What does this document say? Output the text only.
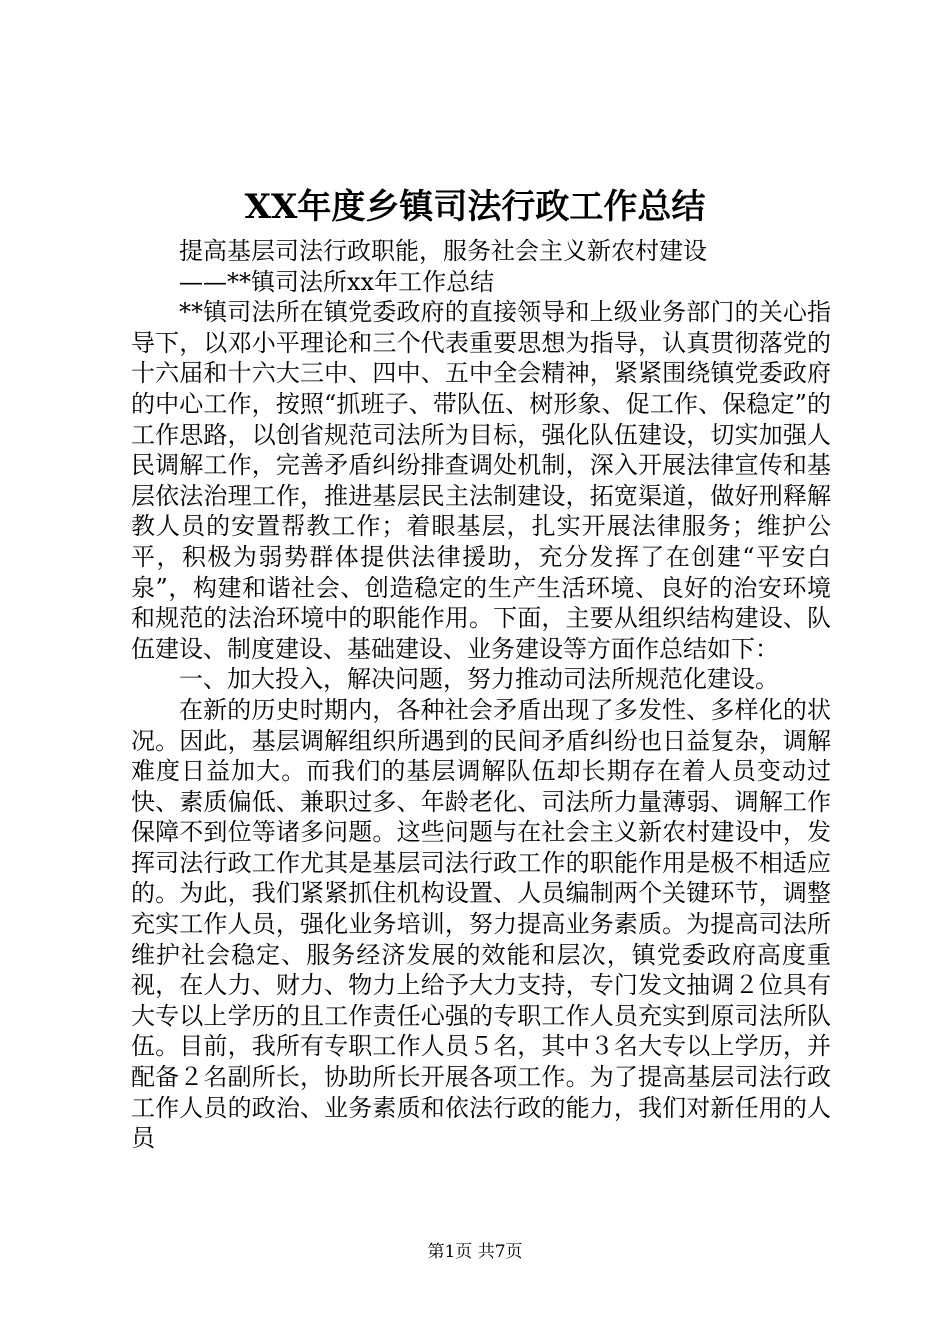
XX年度乡镇司法行政工作总结

提高基层司法行政职能，服务社会主义新农村建设

——**镇司法所xx年工作总结

**镇司法所在镇党委政府的直接领导和上级业务部门的关心指导下，以邓小平理论和三个代表重要思想为指导，认真贯彻落党的十六届和十六大三中、四中、五中全会精神，紧紧围绕镇党委政府的中心工作，按照“抓班子、带队伍、树形象、促工作、保稳定”的工作思路，以创省规范司法所为目标，强化队伍建设，切实加强人民调解工作，完善矛盾纠纷排查调处机制，深入开展法律宣传和基层依法治理工作，推进基层民主法制建设，拓宽渠道，做好刑释解教人员的安置帮教工作；着眼基层，扎实开展法律服务；维护公平，积极为弱势群体提供法律援助，充分发挥了在创建“平安白泉”，构建和谐社会、创造稳定的生产生活环境、良好的治安环境和规范的法治环境中的职能作用。下面，主要从组织结构建设、队伍建设、制度建设、基础建设、业务建设等方面作总结如下：

一、加大投入，解决问题，努力推动司法所规范化建设。

在新的历史时期内，各种社会矛盾出现了多发性、多样化的状况。因此，基层调解组织所遇到的民间矛盾纠纷也日益复杂，调解难度日益加大。而我们的基层调解队伍却长期存在着人员变动过快、素质偏低、兼职过多、年龄老化、司法所力量薄弱、调解工作保障不到位等诸多问题。这些问题与在社会主义新农村建设中，发挥司法行政工作尤其是基层司法行政工作的职能作用是极不相适应的。为此，我们紧紧抓住机构设置、人员编制两个关键环节，调整充实工作人员，强化业务培训，努力提高业务素质。为提高司法所维护社会稳定、服务经济发展的效能和层次，镇党委政府高度重视，在人力、财力、物力上给予大力支持，专门发文抽调２位具有大专以上学历的且工作责任心强的专职工作人员充实到原司法所队伍。目前，我所有专职工作人员５名，其中３名大专以上学历，并配备２名副所长，协助所长开展各项工作。为了提高基层司法行政工作人员的政治、业务素质和依法行政的能力，我们对新任用的人员

第1页 共7页
